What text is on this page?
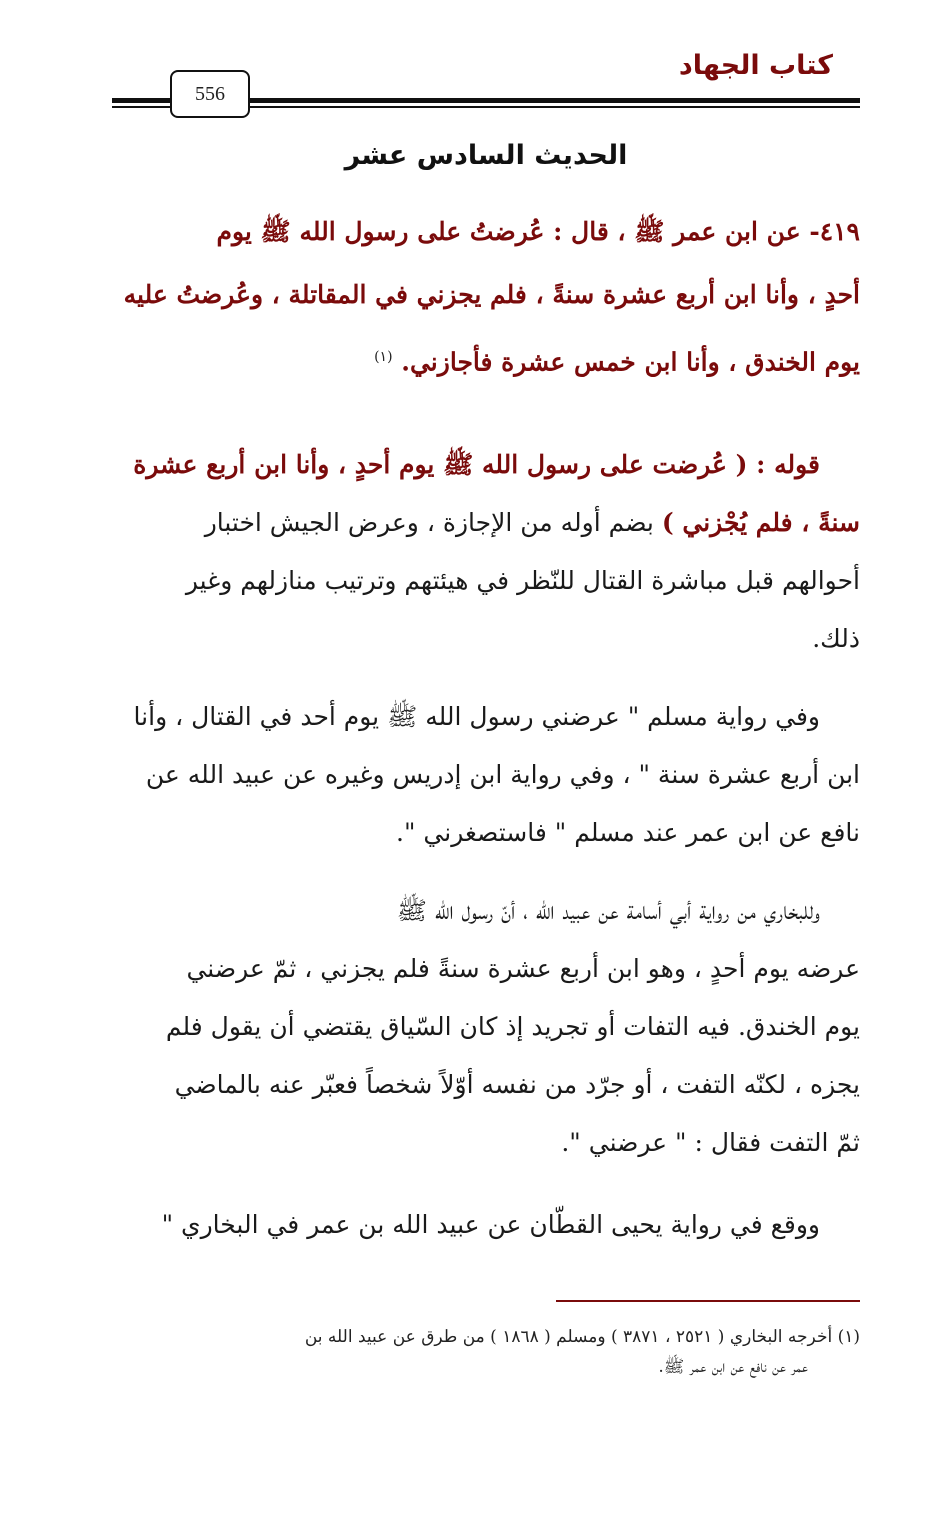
كتاب الجهاد
556
الحديث السادس عشر
٤١٩- عن ابن عمر ﷺ ، قال : عُرضتُ على رسول الله ﷺ يوم
أحدٍ ، وأنا ابن أربع عشرة سنةً ، فلم يجزني في المقاتلة ، وعُرضتُ عليه
يوم الخندق ، وأنا ابن خمس عشرة فأجازني. $^{(١)}$
قوله : ( عُرضت على رسول الله ﷺ يوم أحدٍ ، وأنا ابن أربع عشرة
سنةً ، فلم يُجْزني ) بضم أوله من الإجازة ، وعرض الجيش اختبار
أحوالهم قبل مباشرة القتال للنّظر في هيئتهم وترتيب منازلهم وغير
ذلك.
وفي رواية مسلم " عرضني رسول الله ﷺ يوم أحد في القتال ، وأنا
ابن أربع عشرة سنة " ، وفي رواية ابن إدريس وغيره عن عبيد الله عن
نافع عن ابن عمر عند مسلم " فاستصغرني ".
وللبخاري من رواية أبي أسامة عن عبيد الله ، أنّ رسول الله ﷺ
عرضه يوم أحدٍ ، وهو ابن أربع عشرة سنةً فلم يجزني ، ثمّ عرضني
يوم الخندق. فيه التفات أو تجريد إذ كان السّياق يقتضي أن يقول فلم
يجزه ، لكنّه التفت ، أو جرّد من نفسه أوّلاً شخصاً فعبّر عنه بالماضي
ثمّ التفت فقال : " عرضني ".
ووقع في رواية يحيى القطّان عن عبيد الله بن عمر في البخاري "
(١) أخرجه البخاري ( ٢٥٢١ ، ٣٨٧١ ) ومسلم ( ١٨٦٨ ) من طرق عن عبيد الله بن
عمر عن نافع عن ابن عمر ﷺ.
